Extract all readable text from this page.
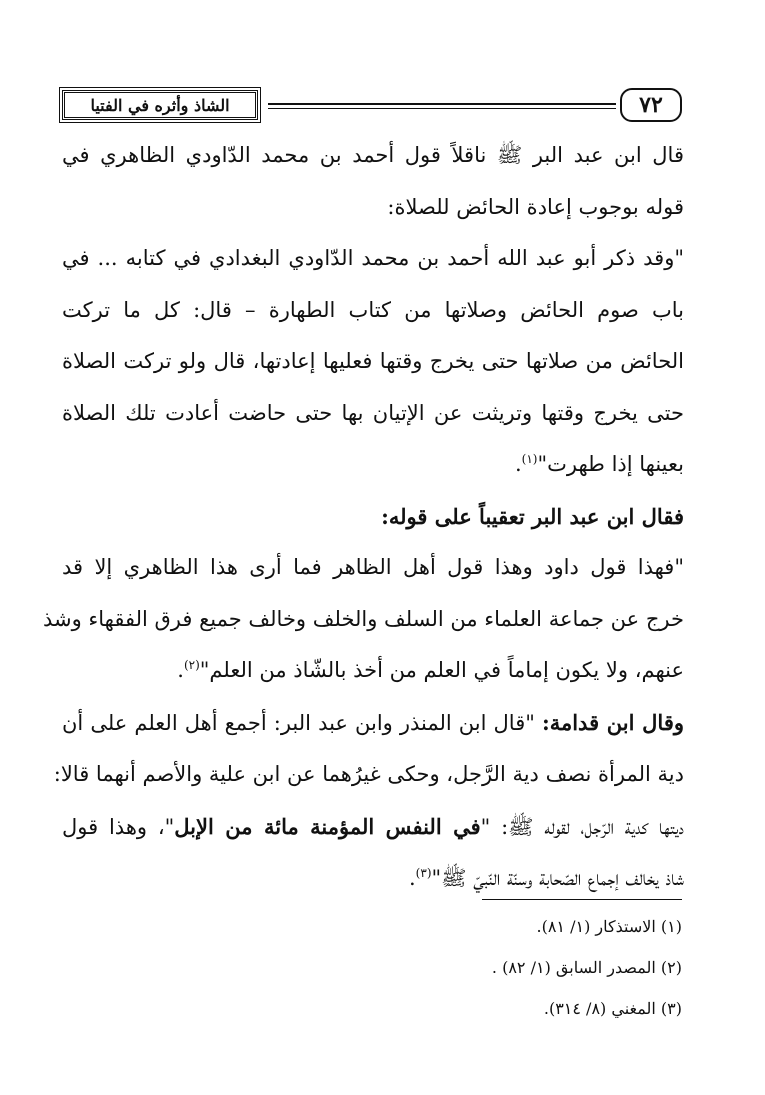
الشاذ وأثره في الفتيا	٧٢

قال ابن عبد البر ﷺ ناقلاً قول أحمد بن محمد الدّاودي الظاهري في
قوله بوجوب إعادة الحائض للصلاة:

"وقد ذكر أبو عبد الله أحمد بن محمد الدّاودي البغدادي في كتابه ... في
باب صوم الحائض وصلاتها من كتاب الطهارة – قال: كل ما تركت
الحائض من صلاتها حتى يخرج وقتها فعليها إعادتها، قال ولو تركت الصلاة
حتى يخرج وقتها وتريثت عن الإتيان بها حتى حاضت أعادت تلك الصلاة
بعينها إذا طهرت"$^{(١)}$.

فقال ابن عبد البر تعقيباً على قوله:

"فهذا قول داود وهذا قول أهل الظاهر فما أرى هذا الظاهري إلا قد
خرج عن جماعة العلماء من السلف والخلف وخالف جميع فرق الفقهاء وشذ
عنهم، ولا يكون إماماً في العلم من أخذ بالشّاذ من العلم"$^{(٢)}$.

وقال ابن قدامة: "قال ابن المنذر وابن عبد البر: أجمع أهل العلم على أن
دية المرأة نصف دية الرَّجل، وحكى غيرُهما عن ابن علية والأصم أنهما قالا:
ديتها كدية الرّجل، لقوله ﷺ: "في النفس المؤمنة مائة من الإبل"، وهذا قول
شاذ يخالف إجماع الصّحابة وسنّة النّبيّ ﷺ"$^{(٣)}$.

(١) الاستذكار (١/ ٨١).
(٢) المصدر السابق (١/ ٨٢) .
(٣) المغني (٨/ ٣١٤).
